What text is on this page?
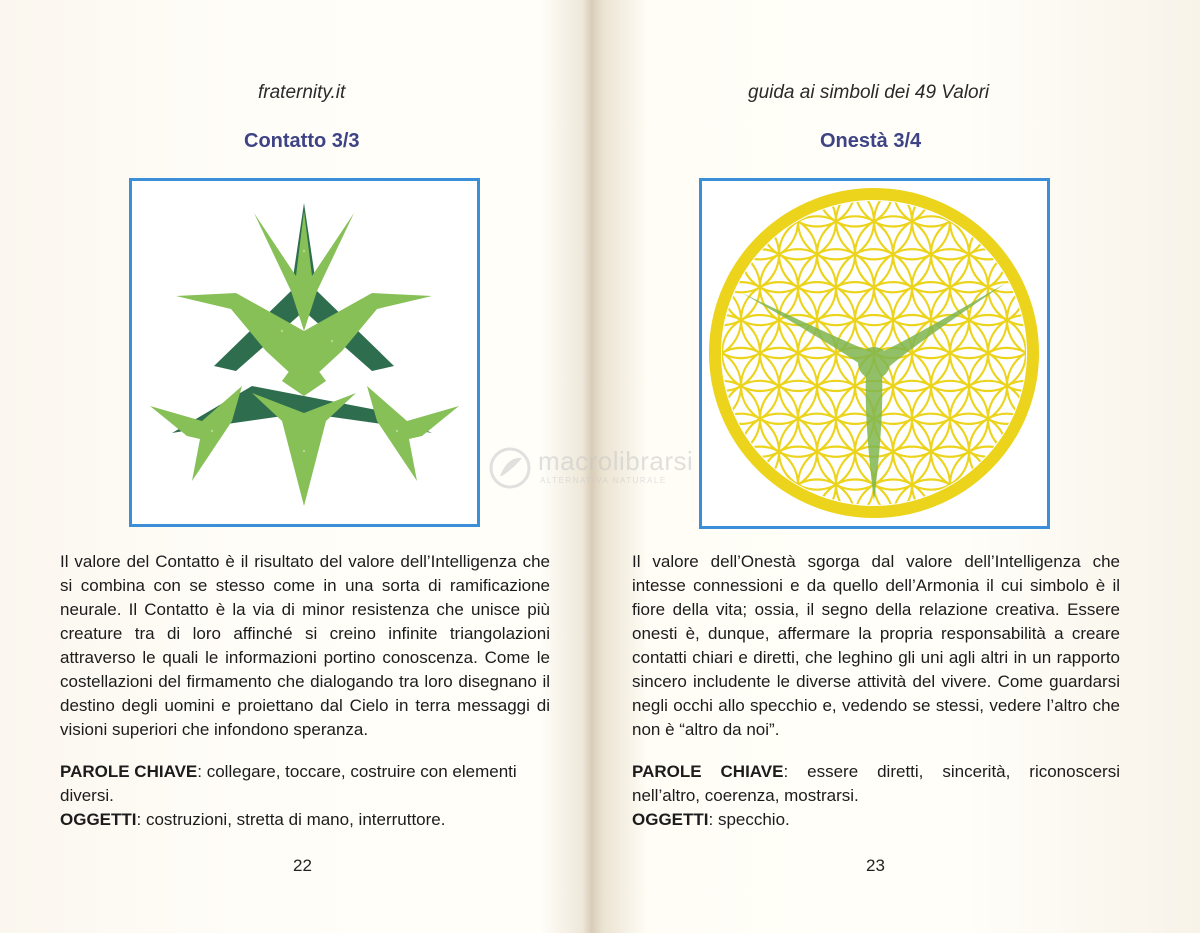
fraternity.it
Contatto 3/3
Il valore del Contatto è il risultato del valore dell’Intelligenza che si combina con se stesso come in una sorta di ramificazione neurale. Il Contatto è la via di minor resistenza che unisce più creature tra di loro affinché si creino infinite triangolazioni attraverso le quali le informazioni portino conoscenza. Come le costellazioni del firmamento che dialogando tra loro disegnano il destino degli uomini e proiettano dal Cielo in terra messaggi di visioni superiori che infondono speranza.
PAROLE CHIAVE: collegare, toccare, costruire con elementi diversi.
OGGETTI: costruzioni, stretta di mano, interruttore.
22
guida ai simboli dei 49 Valori
Onestà 3/4
Il valore dell’Onestà sgorga dal valore dell’Intelligenza che intesse connessioni e da quello dell’Armonia il cui simbolo è il fiore della vita; ossia, il segno della relazione creativa. Essere onesti è, dunque, affermare la propria responsabilità a creare contatti chiari e diretti, che leghino gli uni agli altri in un rapporto sincero includente le diverse attività del vivere. Come guardarsi negli occhi allo specchio e, vedendo se stessi, vedere l’altro che non è “altro da noi”.
PAROLE CHIAVE: essere diretti, sincerità, riconoscersi nell’altro, coerenza, mostrarsi.
OGGETTI: specchio.
23
macrolibrarsi
ALTERNATIVA NATURALE
